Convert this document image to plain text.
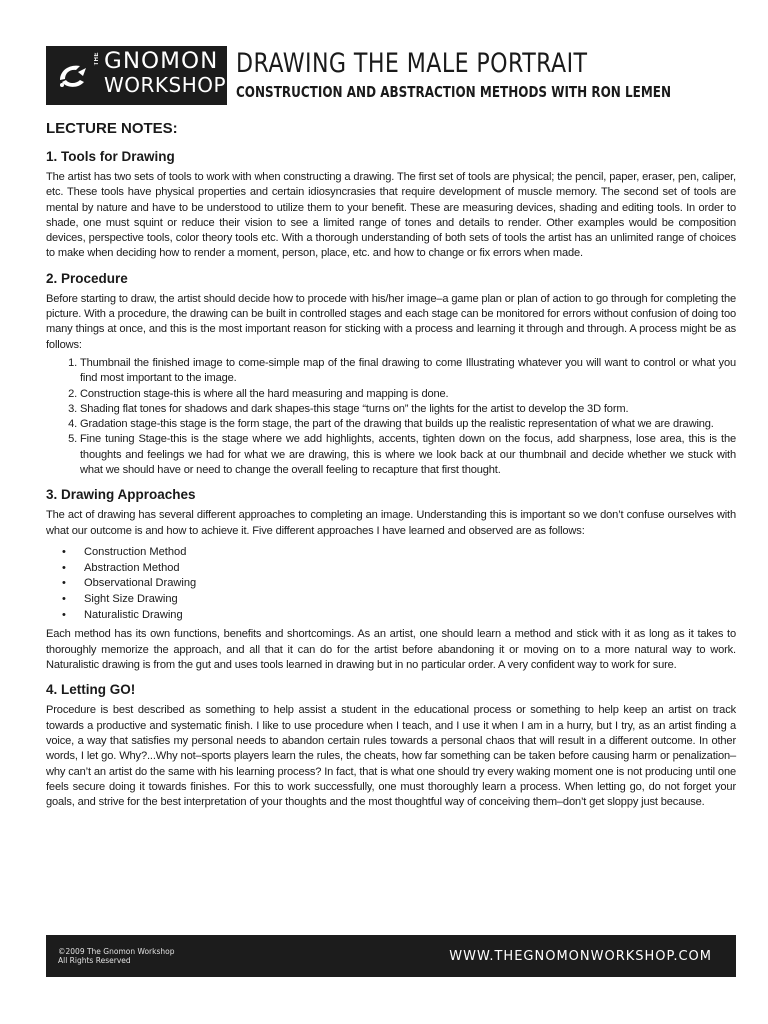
THE GNOMON
WORKSHOP
DRAWING THE MALE PORTRAIT
CONSTRUCTION AND ABSTRACTION METHODS WITH RON LEMEN
LECTURE NOTES:
1. Tools for Drawing

The artist has two sets of tools to work with when constructing a drawing. The first set of tools are physical; the pencil, paper, eraser, pen, caliper, etc. These tools have physical properties and certain idiosyncrasies that require development of muscle memory. The second set of tools are mental by nature and have to be understood to utilize them to your benefit. These are measuring devices, shading and editing tools. In order to shade, one must squint or reduce their vision to see a limited range of tones and details to render. Other examples would be composition devices, perspective tools, color theory tools etc. With a thorough understanding of both sets of tools the artist has an unlimited range of choices to make when deciding how to render a moment, person, place, etc. and how to change or fix errors when made.

2. Procedure

Before starting to draw, the artist should decide how to procede with his/her image–a game plan or plan of action to go through for completing the picture. With a procedure, the drawing can be built in controlled stages and each stage can be monitored for errors without confusion of doing too many things at once, and this is the most important reason for sticking with a process and learning it through and through. A process might be as follows:

1. Thumbnail the finished image to come-simple map of the final drawing to come Illustrating whatever you will want to control or what you find most important to the image.
2. Construction stage-this is where all the hard measuring and mapping is done.
3. Shading flat tones for shadows and dark shapes-this stage “turns on” the lights for the artist to develop the 3D form.
4. Gradation stage-this stage is the form stage, the part of the drawing that builds up the realistic representation of what we are drawing.
5. Fine tuning Stage-this is the stage where we add highlights, accents, tighten down on the focus, add sharpness, lose area, this is the thoughts and feelings we had for what we are drawing, this is where we look back at our thumbnail and decide whether we stuck with what we should have or need to change the overall feeling to recapture that first thought.
3. Drawing Approaches

The act of drawing has several different approaches to completing an image. Understanding this is important so we don’t confuse ourselves with what our outcome is and how to achieve it. Five different approaches I have learned and observed are as follows:

• Construction Method
• Abstraction Method
• Observational Drawing
• Sight Size Drawing
• Naturalistic Drawing

Each method has its own functions, benefits and shortcomings. As an artist, one should learn a method and stick with it as long as it takes to thoroughly memorize the approach, and all that it can do for the artist before abandoning it or moving on to a more natural way to work. Naturalistic drawing is from the gut and uses tools learned in drawing but in no particular order. A very confident way to work for sure.

4. Letting GO!

Procedure is best described as something to help assist a student in the educational process or something to help keep an artist on track towards a productive and systematic finish. I like to use procedure when I teach, and I use it when I am in a hurry, but I try, as an artist finding a voice, a way that satisfies my personal needs to abandon certain rules towards a personal chaos that will result in a different outcome. In other words, I let go. Why?...Why not–sports players learn the rules, the cheats, how far something can be taken before causing harm or penalization–why can’t an artist do the same with his learning process? In fact, that is what one should try every waking moment one is not producing until one feels secure doing it towards finishes. For this to work successfully, one must thoroughly learn a process. When letting go, do not forget your goals, and strive for the best interpretation of your thoughts and the most thoughtful way of conceiving them–don’t get sloppy just because.

©2009 The Gnomon Workshop
All Rights Reserved	WWW.THEGNOMONWORKSHOP.COM
